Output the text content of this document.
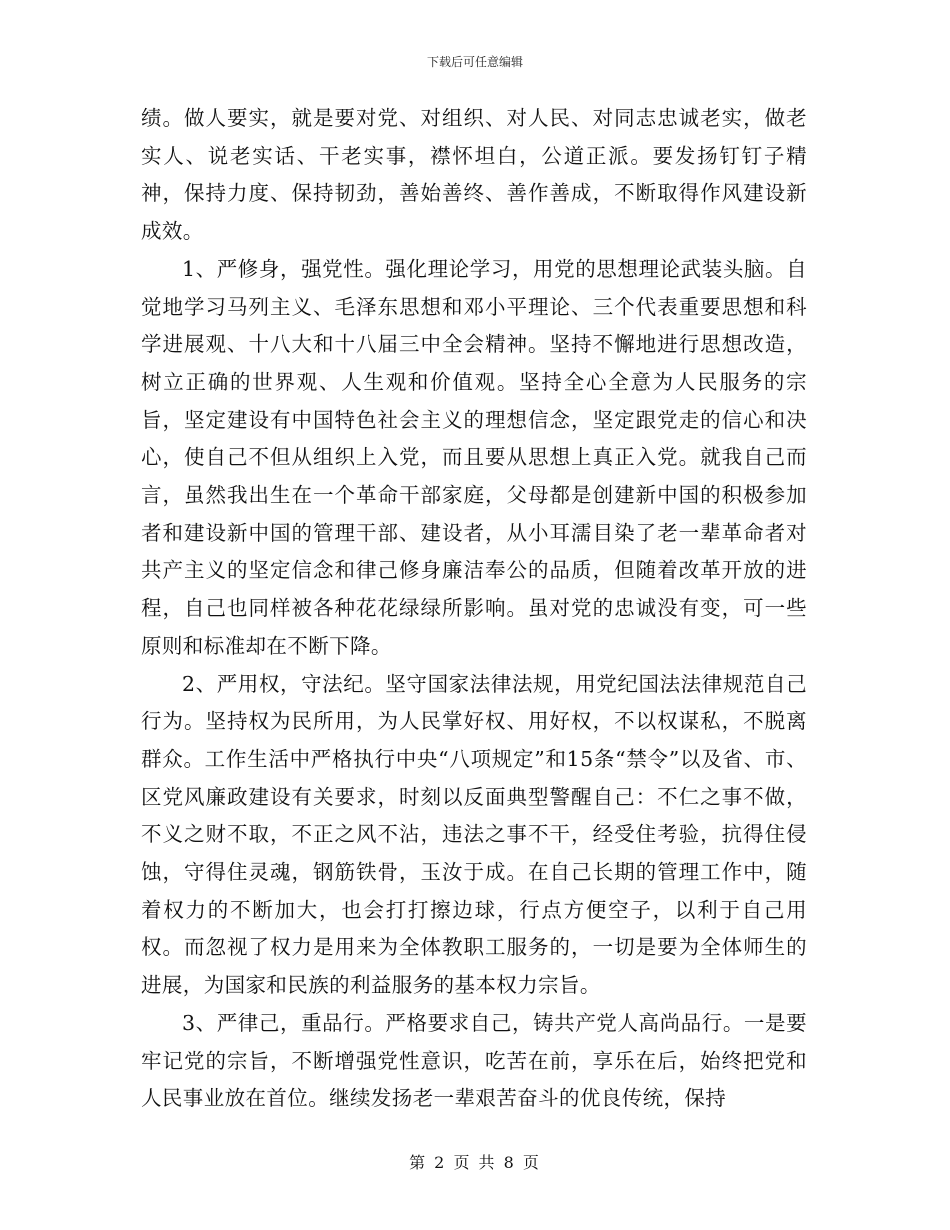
下载后可任意编辑

绩。做人要实，就是要对党、对组织、对人民、对同志忠诚老实，做老实人、说老实话、干老实事，襟怀坦白，公道正派。要发扬钉钉子精神，保持力度、保持韧劲，善始善终、善作善成，不断取得作风建设新成效。

1、严修身，强党性。强化理论学习，用党的思想理论武装头脑。自觉地学习马列主义、毛泽东思想和邓小平理论、三个代表重要思想和科学进展观、十八大和十八届三中全会精神。坚持不懈地进行思想改造，树立正确的世界观、人生观和价值观。坚持全心全意为人民服务的宗旨，坚定建设有中国特色社会主义的理想信念，坚定跟党走的信心和决心，使自己不但从组织上入党，而且要从思想上真正入党。就我自己而言，虽然我出生在一个革命干部家庭，父母都是创建新中国的积极参加者和建设新中国的管理干部、建设者，从小耳濡目染了老一辈革命者对共产主义的坚定信念和律己修身廉洁奉公的品质，但随着改革开放的进程，自己也同样被各种花花绿绿所影响。虽对党的忠诚没有变，可一些原则和标准却在不断下降。

2、严用权，守法纪。坚守国家法律法规，用党纪国法法律规范自己行为。坚持权为民所用，为人民掌好权、用好权，不以权谋私，不脱离群众。工作生活中严格执行中央“八项规定”和15条“禁令”以及省、市、区党风廉政建设有关要求，时刻以反面典型警醒自己：不仁之事不做，不义之财不取，不正之风不沾，违法之事不干，经受住考验，抗得住侵蚀，守得住灵魂，钢筋铁骨，玉汝于成。在自己长期的管理工作中，随着权力的不断加大，也会打打擦边球，行点方便空子，以利于自己用权。而忽视了权力是用来为全体教职工服务的，一切是要为全体师生的进展，为国家和民族的利益服务的基本权力宗旨。

3、严律己，重品行。严格要求自己，铸共产党人高尚品行。一是要牢记党的宗旨，不断增强党性意识，吃苦在前，享乐在后，始终把党和人民事业放在首位。继续发扬老一辈艰苦奋斗的优良传统，保持

第 2 页 共 8 页
